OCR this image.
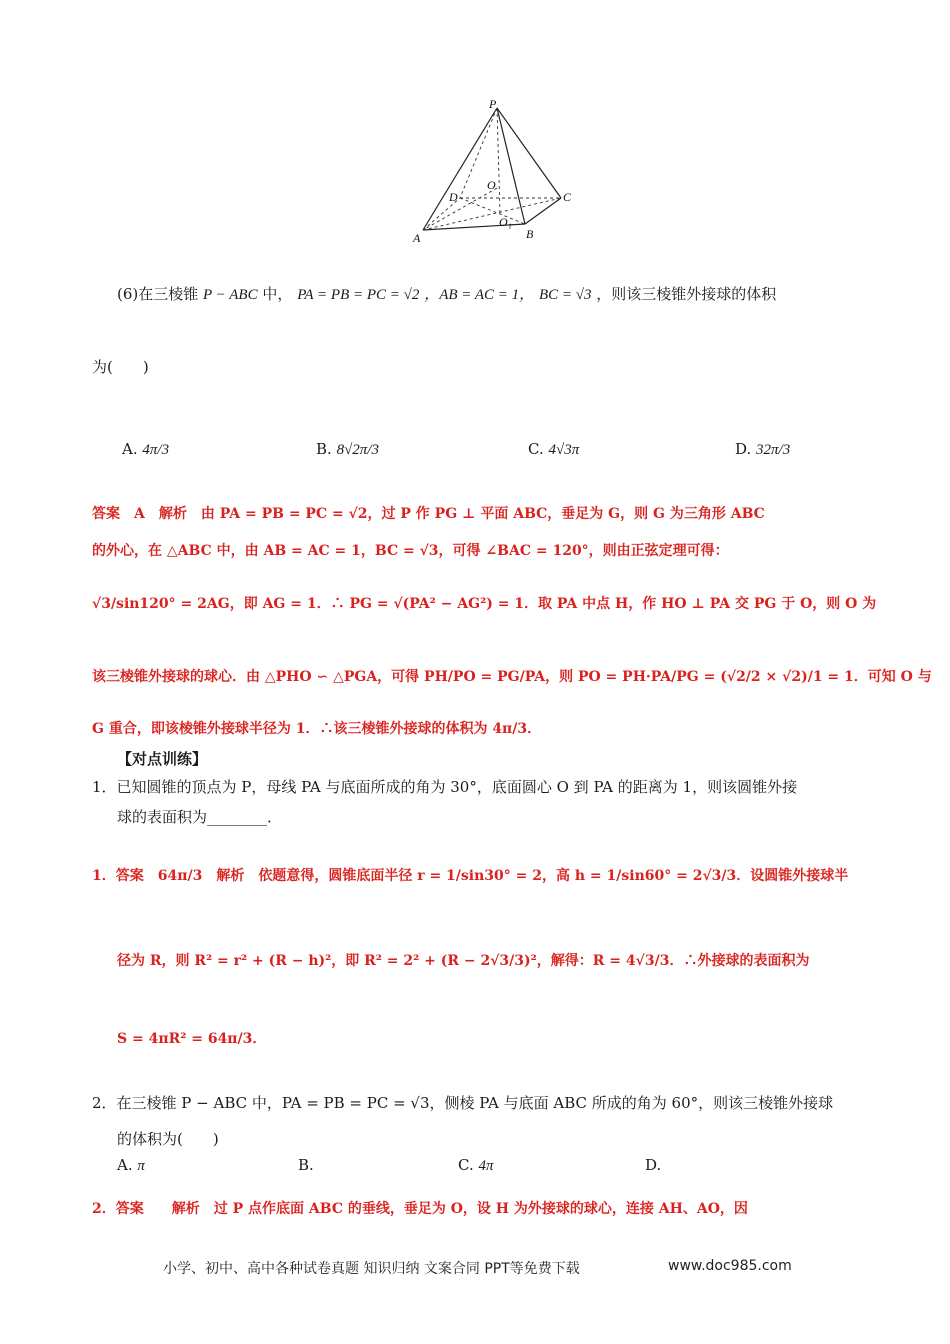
P
O
D	C
A	B
O₁
(6)在三棱锥 P − ABC 中， PA = PB = PC = √2 ，AB = AC = 1， BC = √3 ，则该三棱锥外接球的体积
为(　　)
A. 4π/3	B. 8√2π/3	C. 4√3π	D. 32π/3
答案　A　解析　由 PA = PB = PC = √2，过 P 作 PG ⊥ 平面 ABC，垂足为 G，则 G 为三角形 ABC
的外心，在 △ABC 中，由 AB = AC = 1，BC = √3，可得 ∠BAC = 120°，则由正弦定理可得：
√3/sin120° = 2AG，即 AG = 1．∴ PG = √(PA² − AG²) = 1．取 PA 中点 H，作 HO ⊥ PA 交 PG 于 O，则 O 为
该三棱锥外接球的球心．由 △PHO ∽ △PGA，可得 PH/PO = PG/PA，则 PO = PH·PA/PG = (√2/2 × √2)/1 = 1．可知 O 与
G 重合，即该棱锥外接球半径为 1．∴该三棱锥外接球的体积为 4π/3．
【对点训练】
1．已知圆锥的顶点为 P，母线 PA 与底面所成的角为 30°，底面圆心 O 到 PA 的距离为 1，则该圆锥外接
球的表面积为________．
1．答案　64π/3　解析　依题意得，圆锥底面半径 r = 1/sin30° = 2，高 h = 1/sin60° = 2√3/3．设圆锥外接球半
径为 R，则 R² = r² + (R − h)²，即 R² = 2² + (R − 2√3/3)²，解得：R = 4√3/3．∴外接球的表面积为
S = 4πR² = 64π/3．
2．在三棱锥 P − ABC 中，PA = PB = PC = √3，侧棱 PA 与底面 ABC 所成的角为 60°，则该三棱锥外接球
的体积为(　　)
A. π	B.	C. 4π	D.
2．答案　　解析　过 P 点作底面 ABC 的垂线，垂足为 O，设 H 为外接球的球心，连接 AH、AO，因
小学、初中、高中各种试卷真题 知识归纳 文案合同 PPT等免费下载	www.doc985.com
